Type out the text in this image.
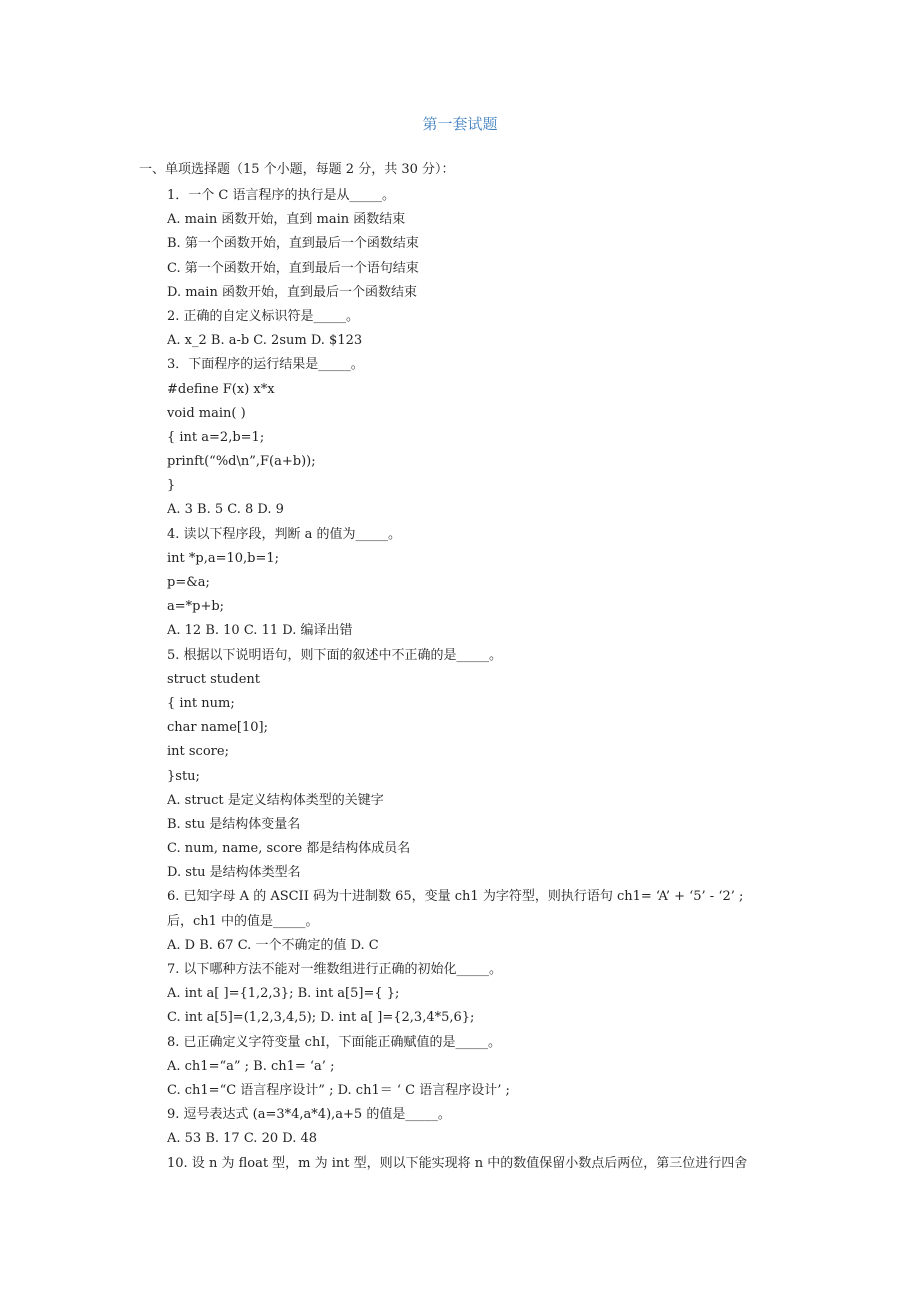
第一套试题
一、单项选择题（15 个小题，每题 2 分，共 30 分）：
1．一个 C 语言程序的执行是从_____。
A. main 函数开始，直到 main 函数结束
B. 第一个函数开始，直到最后一个函数结束
C. 第一个函数开始，直到最后一个语句结束
D. main 函数开始，直到最后一个函数结束
2. 正确的自定义标识符是_____。
A. x_2 B. a-b C. 2sum D. $123
3．下面程序的运行结果是_____。
#define F(x) x*x
void main( )
{ int a=2,b=1;
prinft(“%d\n”,F(a+b));
}
A. 3 B. 5 C. 8 D. 9
4. 读以下程序段，判断 a 的值为_____。
int *p,a=10,b=1;
p=&a;
a=*p+b;
A. 12 B. 10 C. 11 D. 编译出错
5. 根据以下说明语句，则下面的叙述中不正确的是_____。
struct student
{ int num;
char name[10];
int score;
}stu;
A. struct 是定义结构体类型的关键字
B. stu 是结构体变量名
C. num, name, score 都是结构体成员名
D. stu 是结构体类型名
6. 已知字母 A 的 ASCII 码为十进制数 65，变量 ch1 为字符型，则执行语句 ch1= ‘A’ + ‘5’ - ‘2’ ;
后，ch1 中的值是_____。
A. D B. 67 C. 一个不确定的值 D. C
7. 以下哪种方法不能对一维数组进行正确的初始化_____。
A. int a[ ]={1,2,3}; B. int a[5]={ };
C. int a[5]=(1,2,3,4,5); D. int a[ ]={2,3,4*5,6};
8. 已正确定义字符变量 chI，下面能正确赋值的是_____。
A. ch1=“a” ; B. ch1= ‘a’ ;
C. ch1=“C 语言程序设计” ; D. ch1＝ ‘ C 语言程序设计’ ;
9. 逗号表达式 (a=3*4,a*4),a+5 的值是_____。
A. 53 B. 17 C. 20 D. 48
10. 设 n 为 float 型，m 为 int 型，则以下能实现将 n 中的数值保留小数点后两位，第三位进行四舍
